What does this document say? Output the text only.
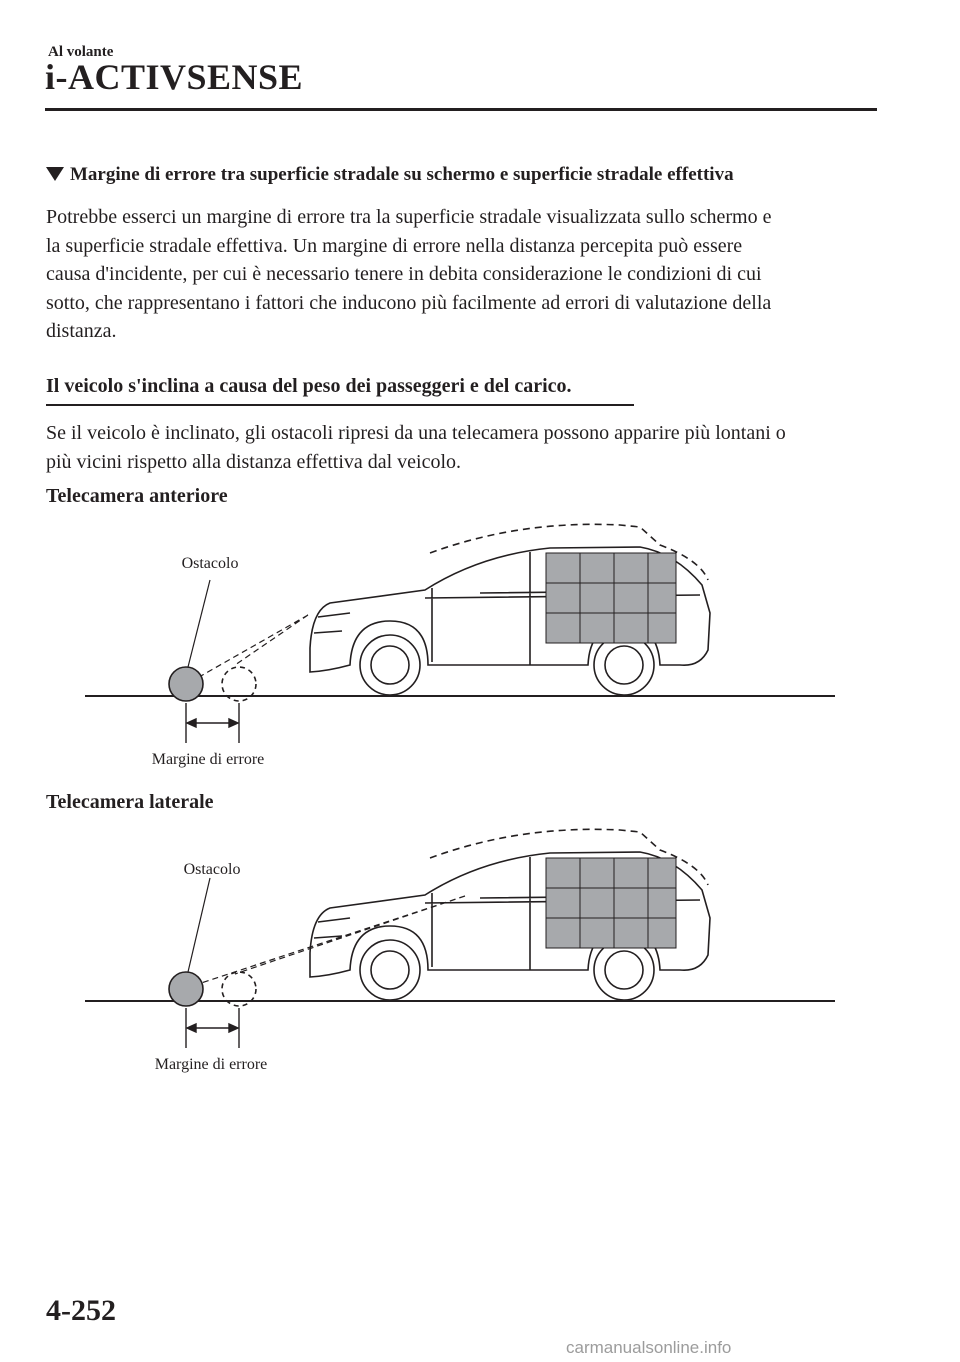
Al volante
i-ACTIVSENSE
Margine di errore tra superficie stradale su schermo e superficie stradale effettiva
Potrebbe esserci un margine di errore tra la superficie stradale visualizzata sullo schermo e
la superficie stradale effettiva. Un margine di errore nella distanza percepita può essere
causa d'incidente, per cui è necessario tenere in debita considerazione le condizioni di cui
sotto, che rappresentano i fattori che inducono più facilmente ad errori di valutazione della
distanza.
Il veicolo s'inclina a causa del peso dei passeggeri e del carico.
Se il veicolo è inclinato, gli ostacoli ripresi da una telecamera possono apparire più lontani o
più vicini rispetto alla distanza effettiva dal veicolo.
Telecamera anteriore
Ostacolo
Margine di errore
Telecamera laterale
Ostacolo
Margine di errore
4-252
carmanualsonline.info
